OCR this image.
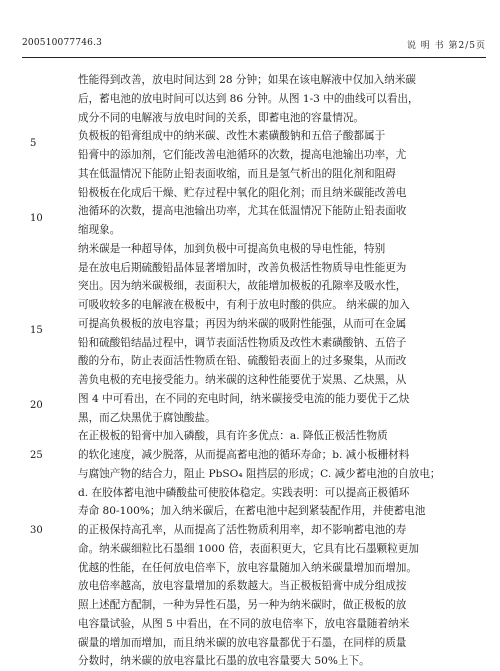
200510077746.3	说 明 书 第2/5页
性能得到改善，放电时间达到 28 分钟；如果在该电解液中仅加入纳米碳
后，蓄电池的放电时间可以达到 86 分钟。从图 1-3 中的曲线可以看出，
成分不同的电解液与放电时间的关系，即蓄电池的容量情况。
负极板的铅膏组成中的纳米碳、改性木素磺酸钠和五倍子酸都属于
铅膏中的添加剂，它们能改善电池循环的次数，提高电池输出功率，尤
其在低温情况下能防止铅表面收缩，而且是氢气析出的阻化剂和阻碍
铅极板在化成后干燥、贮存过程中氧化的阻化剂；而且纳米碳能改善电
池循环的次数，提高电池输出功率，尤其在低温情况下能防止铅表面收
缩现象。
纳米碳是一种超导体，加到负极中可提高负电极的导电性能，特别
是在放电后期硫酸铅晶体显著增加时，改善负极活性物质导电性能更为
突出。因为纳米碳极细，表面积大，故能增加极板的孔隙率及吸水性，
可吸收较多的电解液在极板中，有利于放电时酸的供应。 纳米碳的加入
可提高负极板的放电容量；再因为纳米碳的吸附性能强，从而可在金属
铅和硫酸铅结晶过程中，调节表面活性物质及改性木素磺酸钠、五倍子
酸的分布，防止表面活性物质在铅、硫酸铅表面上的过多聚集，从而改
善负电极的充电接受能力。纳米碳的这种性能要优于炭黑、乙炔黑，从
图 4 中可看出，在不同的充电时间，纳米碳接受电流的能力要优于乙炔
黑，而乙炔黑优于腐蚀酸盐。
在正极板的铅膏中加入磷酸，具有许多优点：a. 降低正极活性物质
的软化速度，减少脱落，从而提高蓄电池的循环寿命；b. 减小板栅材料
与腐蚀产物的结合力，阻止 PbSO₄ 阻挡层的形成；C. 减少蓄电池的自放电；
d. 在胶体蓄电池中磷酸盐可使胶体稳定。实践表明：可以提高正极循环
寿命 80-100%；加入纳米碳后，在蓄电池中起到紧装配作用，并使蓄电池
的正极保持高孔率，从而提高了活性物质利用率，却不影响蓄电池的寿
命。纳米碳细粒比石墨细 1000 倍，表面积更大，它具有比石墨颗粒更加
优越的性能，在任何放电倍率下，放电容量随加入纳米碳量增加而增加。
放电倍率越高，放电容量增加的系数越大。当正极板铅膏中成分组成按
照上述配方配制，一种为异性石墨，另一种为纳米碳时，做正极板的放
电容量试验，从图 5 中看出，在不同的放电倍率下，放电容量随着纳米
碳量的增加而增加，而且纳米碳的放电容量都优于石墨，在同样的质量
分数时，纳米碳的放电容量比石墨的放电容量要大 50%上下。
5
10
15
20
25
30
